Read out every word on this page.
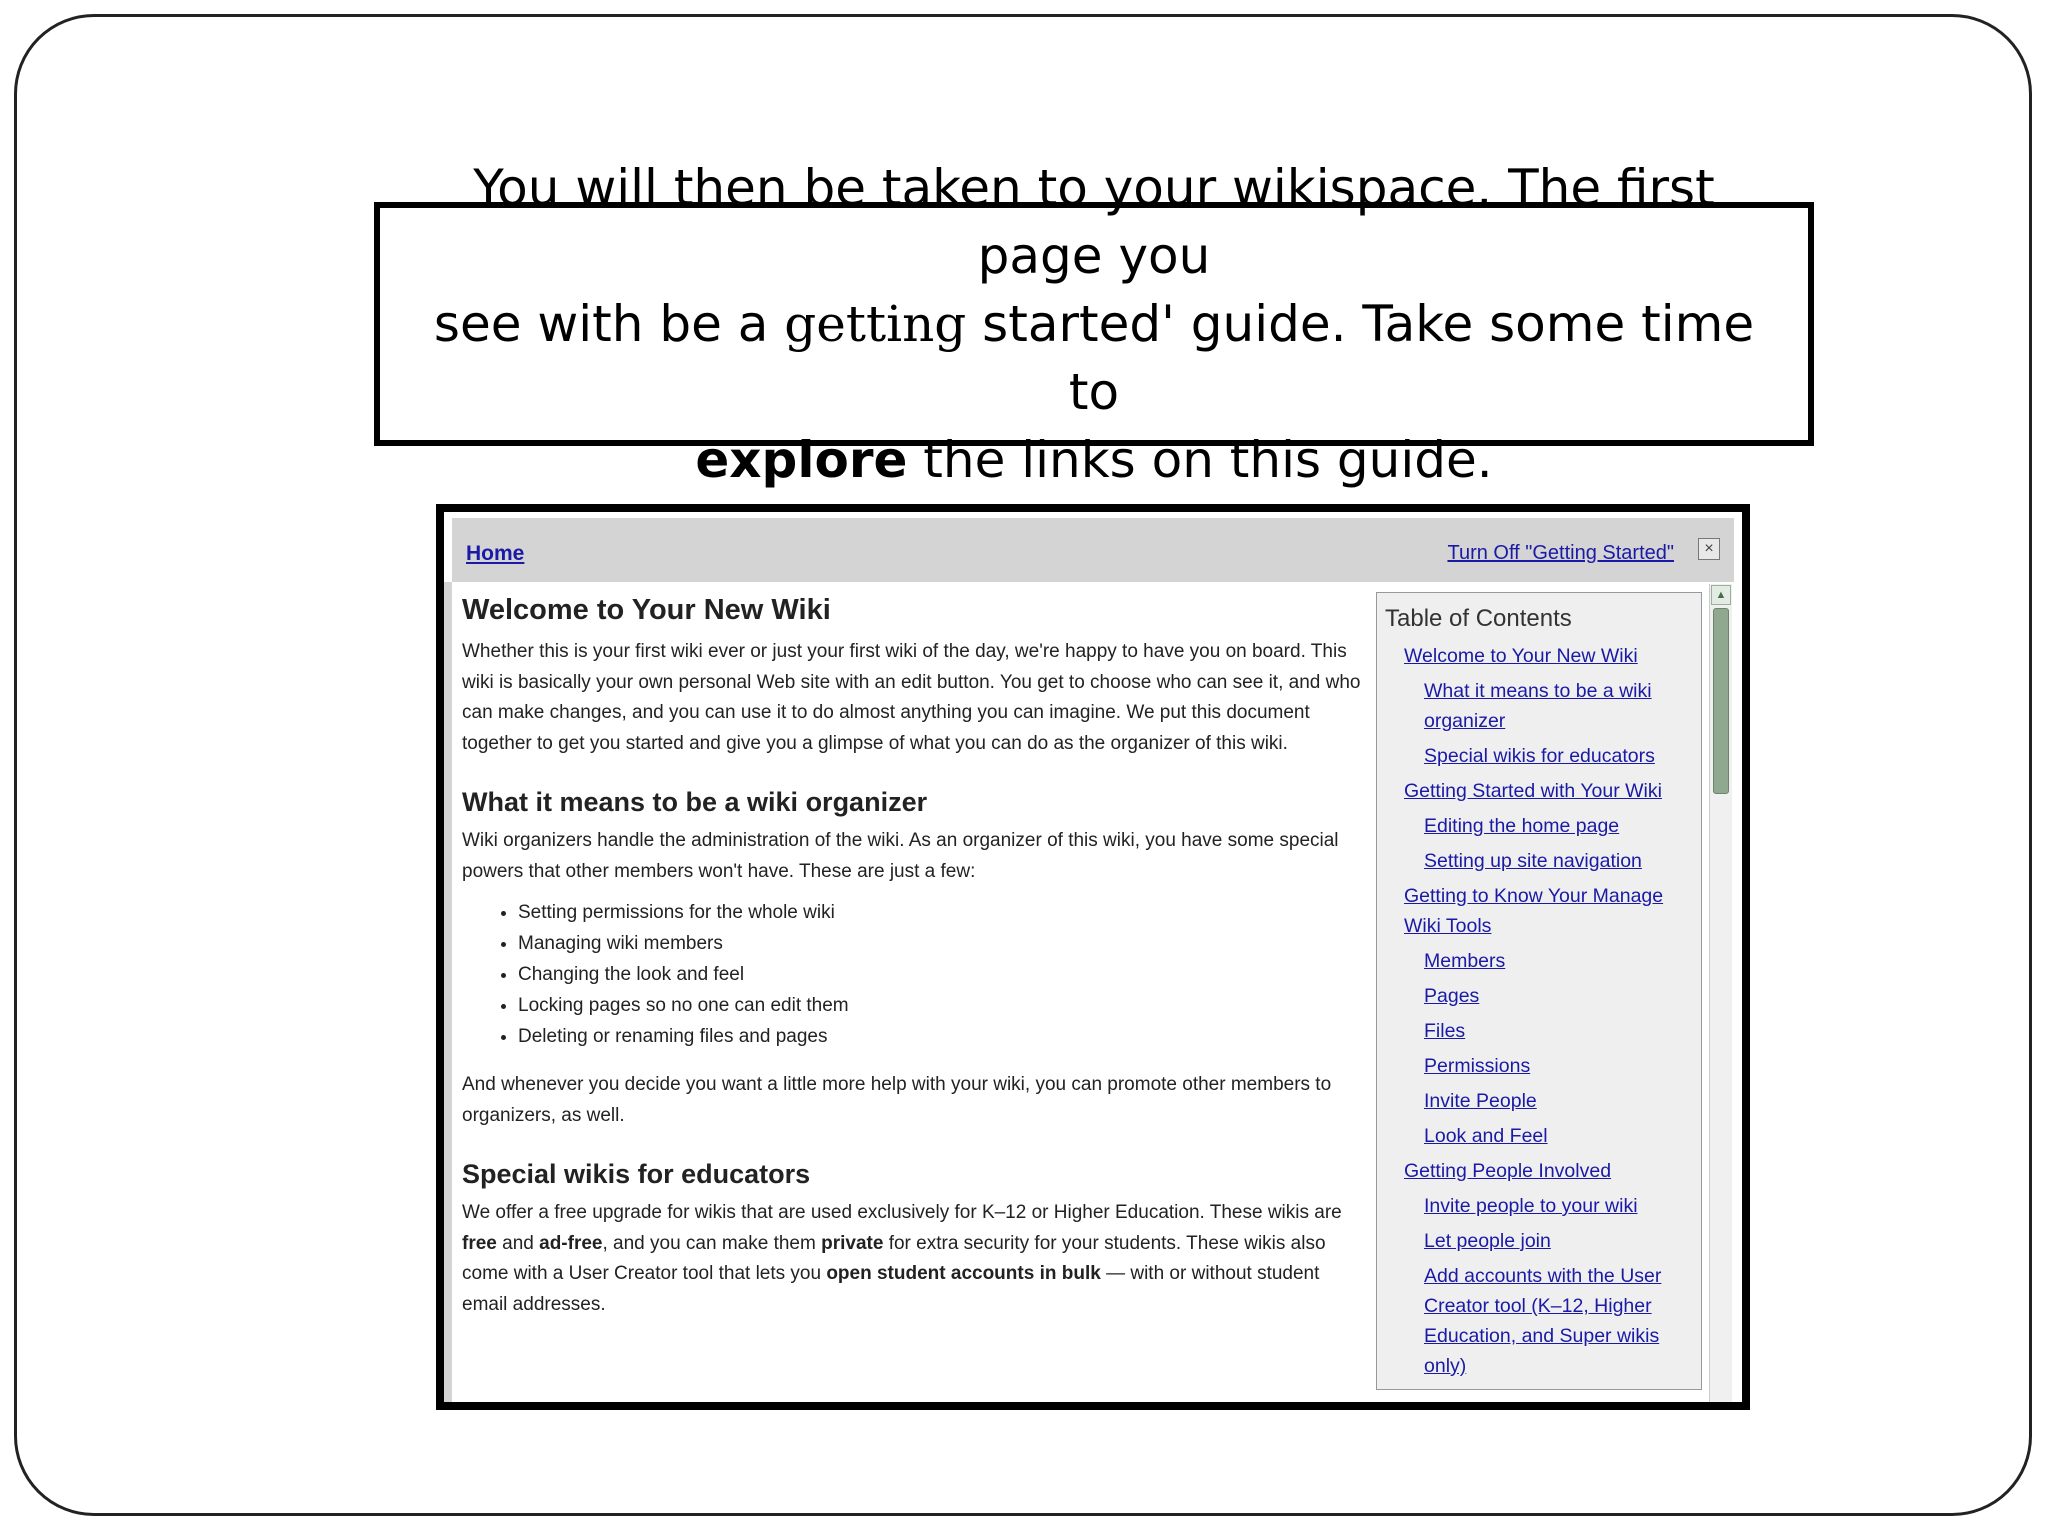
You will then be taken to your wikispace. The first page you
see with be a getting started' guide. Take some time to
explore the links on this guide.

Home	Turn Off "Getting Started"	×
Welcome to Your New Wiki

Whether this is your first wiki ever or just your first wiki of the day, we're happy to have you on board. This wiki is basically your own personal Web site with an edit button. You get to choose who can see it, and who can make changes, and you can use it to do almost anything you can imagine. We put this document together to get you started and give you a glimpse of what you can do as the organizer of this wiki.

What it means to be a wiki organizer

Wiki organizers handle the administration of the wiki. As an organizer of this wiki, you have some special powers that other members won't have. These are just a few:

• Setting permissions for the whole wiki
• Managing wiki members
• Changing the look and feel
• Locking pages so no one can edit them
• Deleting or renaming files and pages

And whenever you decide you want a little more help with your wiki, you can promote other members to organizers, as well.

Special wikis for educators

We offer a free upgrade for wikis that are used exclusively for K–12 or Higher Education. These wikis are free and ad-free, and you can make them private for extra security for your students. These wikis also come with a User Creator tool that lets you open student accounts in bulk — with or without student email addresses.

Table of Contents
Welcome to Your New Wiki
What it means to be a wiki organizer
Special wikis for educators
Getting Started with Your Wiki
Editing the home page
Setting up site navigation
Getting to Know Your Manage Wiki Tools
Members
Pages
Files
Permissions
Invite People
Look and Feel
Getting People Involved
Invite people to your wiki
Let people join
Add accounts with the User Creator tool (K–12, Higher Education, and Super wikis only)
▲
